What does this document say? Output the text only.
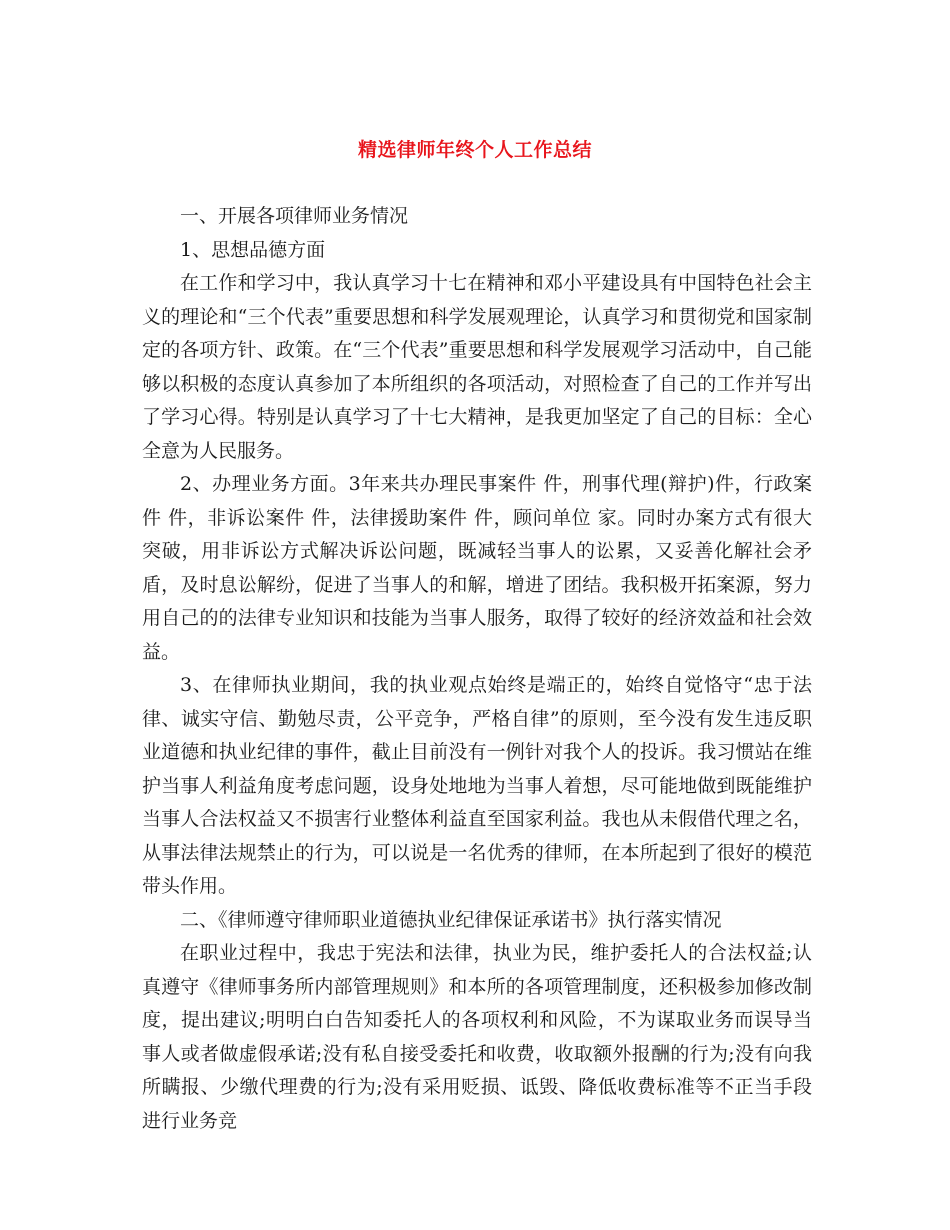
精选律师年终个人工作总结

一、开展各项律师业务情况

1、思想品德方面

在工作和学习中，我认真学习十七在精神和邓小平建设具有中国特色社会主义的理论和“三个代表”重要思想和科学发展观理论，认真学习和贯彻党和国家制定的各项方针、政策。在“三个代表”重要思想和科学发展观学习活动中，自己能够以积极的态度认真参加了本所组织的各项活动，对照检查了自己的工作并写出了学习心得。特别是认真学习了十七大精神，是我更加坚定了自己的目标：全心全意为人民服务。

2、办理业务方面。3年来共办理民事案件 件，刑事代理(辩护)件，行政案件 件，非诉讼案件 件，法律援助案件 件，顾问单位 家。同时办案方式有很大突破，用非诉讼方式解决诉讼问题，既减轻当事人的讼累，又妥善化解社会矛盾，及时息讼解纷，促进了当事人的和解，增进了团结。我积极开拓案源，努力用自己的的法律专业知识和技能为当事人服务，取得了较好的经济效益和社会效益。

3、在律师执业期间，我的执业观点始终是端正的，始终自觉恪守“忠于法律、诚实守信、勤勉尽责，公平竞争，严格自律”的原则，至今没有发生违反职业道德和执业纪律的事件，截止目前没有一例针对我个人的投诉。我习惯站在维护当事人利益角度考虑问题，设身处地地为当事人着想，尽可能地做到既能维护当事人合法权益又不损害行业整体利益直至国家利益。我也从未假借代理之名，从事法律法规禁止的行为，可以说是一名优秀的律师，在本所起到了很好的模范带头作用。

二、《律师遵守律师职业道德执业纪律保证承诺书》执行落实情况

在职业过程中，我忠于宪法和法律，执业为民，维护委托人的合法权益;认真遵守《律师事务所内部管理规则》和本所的各项管理制度，还积极参加修改制度，提出建议;明明白白告知委托人的各项权利和风险，不为谋取业务而误导当事人或者做虚假承诺;没有私自接受委托和收费，收取额外报酬的行为;没有向我所瞒报、少缴代理费的行为;没有采用贬损、诋毁、降低收费标准等不正当手段进行业务竞
